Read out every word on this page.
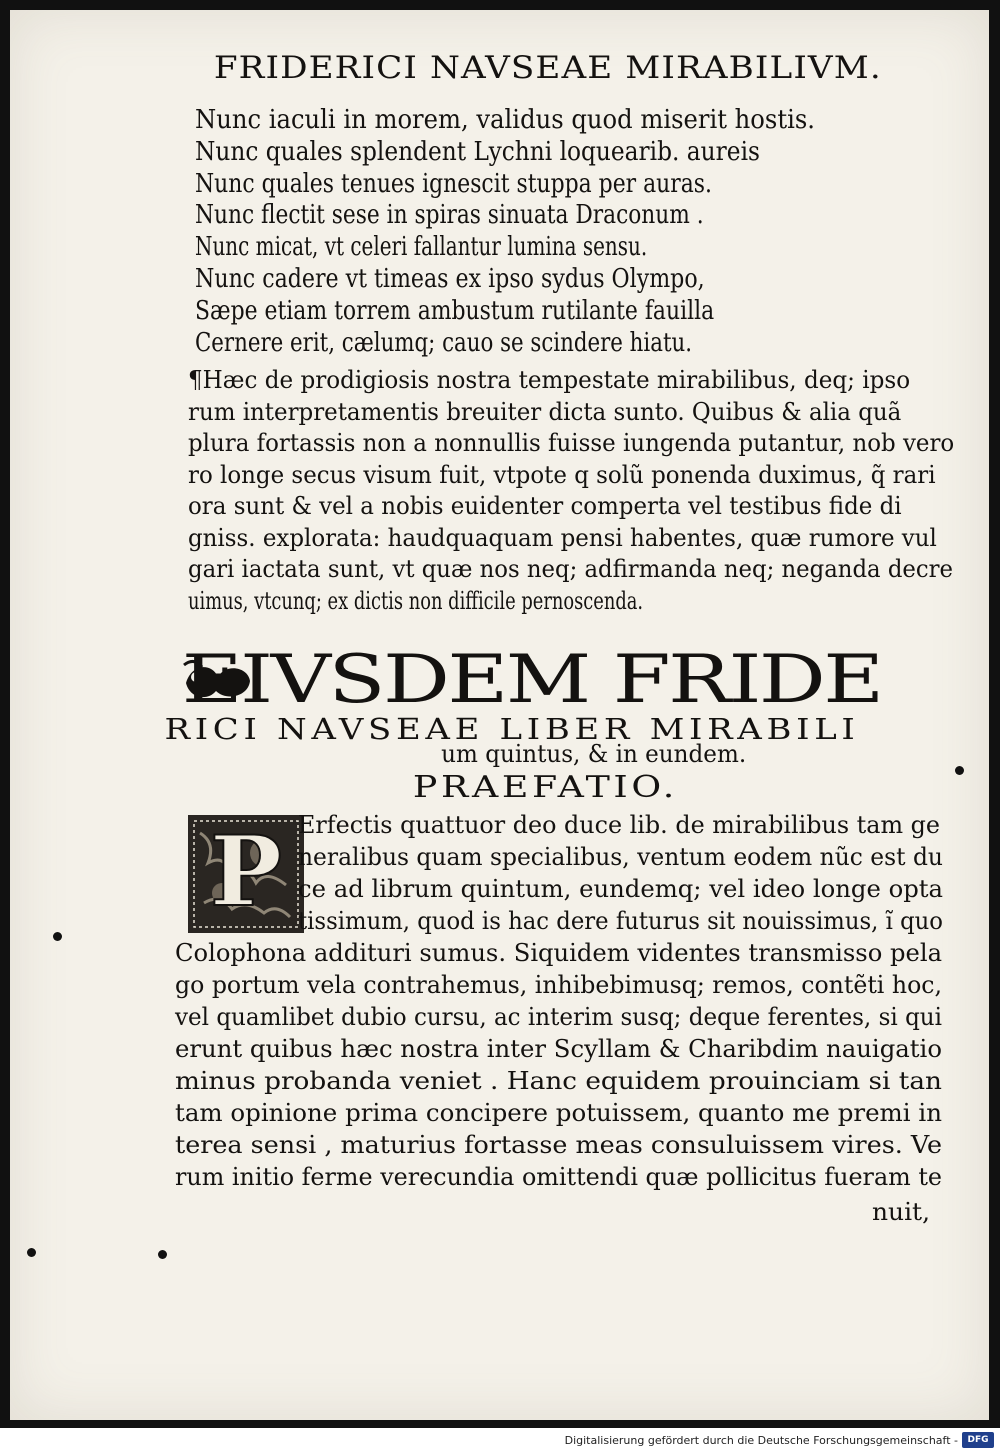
FRIDERICI NAVSEAE MIRABILIVM.
Nunc iaculi in morem, validus quod miserit hostis.
Nunc quales splendent Lychni loquearib. aureis
Nunc quales tenues ignescit stuppa per auras.
Nunc flectit sese in spiras sinuata Draconum .
Nunc micat, vt celeri fallantur lumina sensu.
Nunc cadere vt timeas ex ipso sydus Olympo,
Sæpe etiam torrem ambustum rutilante fauilla
Cernere erit, cælumq; cauo se scindere hiatu.
¶Hæc de prodigiosis nostra tempestate mirabilibus, deq; ipso
rum interpretamentis breuiter dicta sunto. Quibus & alia quã
plura fortassis non a nonnullis fuisse iungenda putantur, nob vero
ro longe secus visum fuit, vtpote q solũ ponenda duximus, q̃ rari
ora sunt & vel a nobis euidenter comperta vel testibus fide di
gniss. explorata: haudquaquam pensi habentes, quæ rumore vul
gari iactata sunt, vt quæ nos neq; adfirmanda neq; neganda decre
uimus, vtcunq; ex dictis non difficile pernoscenda.
EIVSDEM FRIDE
RICI NAVSEAE LIBER MIRABILI
um quintus, & in eundem.
PRAEFATIO.
P Erfectis quattuor deo duce lib. de mirabilibus tam ge
neralibus quam specialibus, ventum eodem nũc est du
ce ad librum quintum, eundemq; vel ideo longe opta
tissimum, quod is hac dere futurus sit nouissimus, ĩ quo
Colophona addituri sumus. Siquidem videntes transmisso pela
go portum vela contrahemus, inhibebimusq; remos, contẽti hoc,
vel quamlibet dubio cursu, ac interim susq; deque ferentes, si qui
erunt quibus hæc nostra inter Scyllam & Charibdim nauigatio
minus probanda veniet . Hanc equidem prouinciam si tan
tam opinione prima concipere potuissem, quanto me premi in
terea sensi , maturius fortasse meas consuluissem vires. Ve
rum initio ferme verecundia omittendi quæ pollicitus fueram te
nuit,
Digitalisierung gefördert durch die Deutsche Forschungsgemeinschaft -	DFG
